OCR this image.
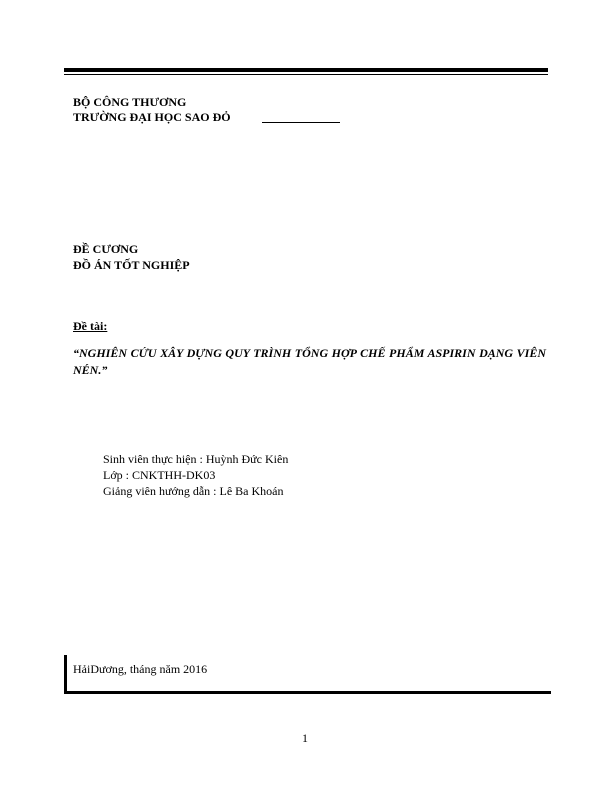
BỘ CÔNG THƯƠNG
TRƯỜNG ĐẠI HỌC SAO ĐỎ
ĐỀ CƯƠNG
ĐỒ ÁN TỐT NGHIỆP
Đề tài:
“NGHIÊN CỨU XÂY DỰNG QUY TRÌNH TỔNG HỢP CHẾ PHẨM ASPIRIN DẠNG VIÊN NÉN.”
Sinh viên thực hiện : Huỳnh Đức Kiên
Lớp : CNKTHH-DK03
Giảng viên hướng dẫn : Lê Ba Khoán
HảiDương, tháng năm 2016
1
